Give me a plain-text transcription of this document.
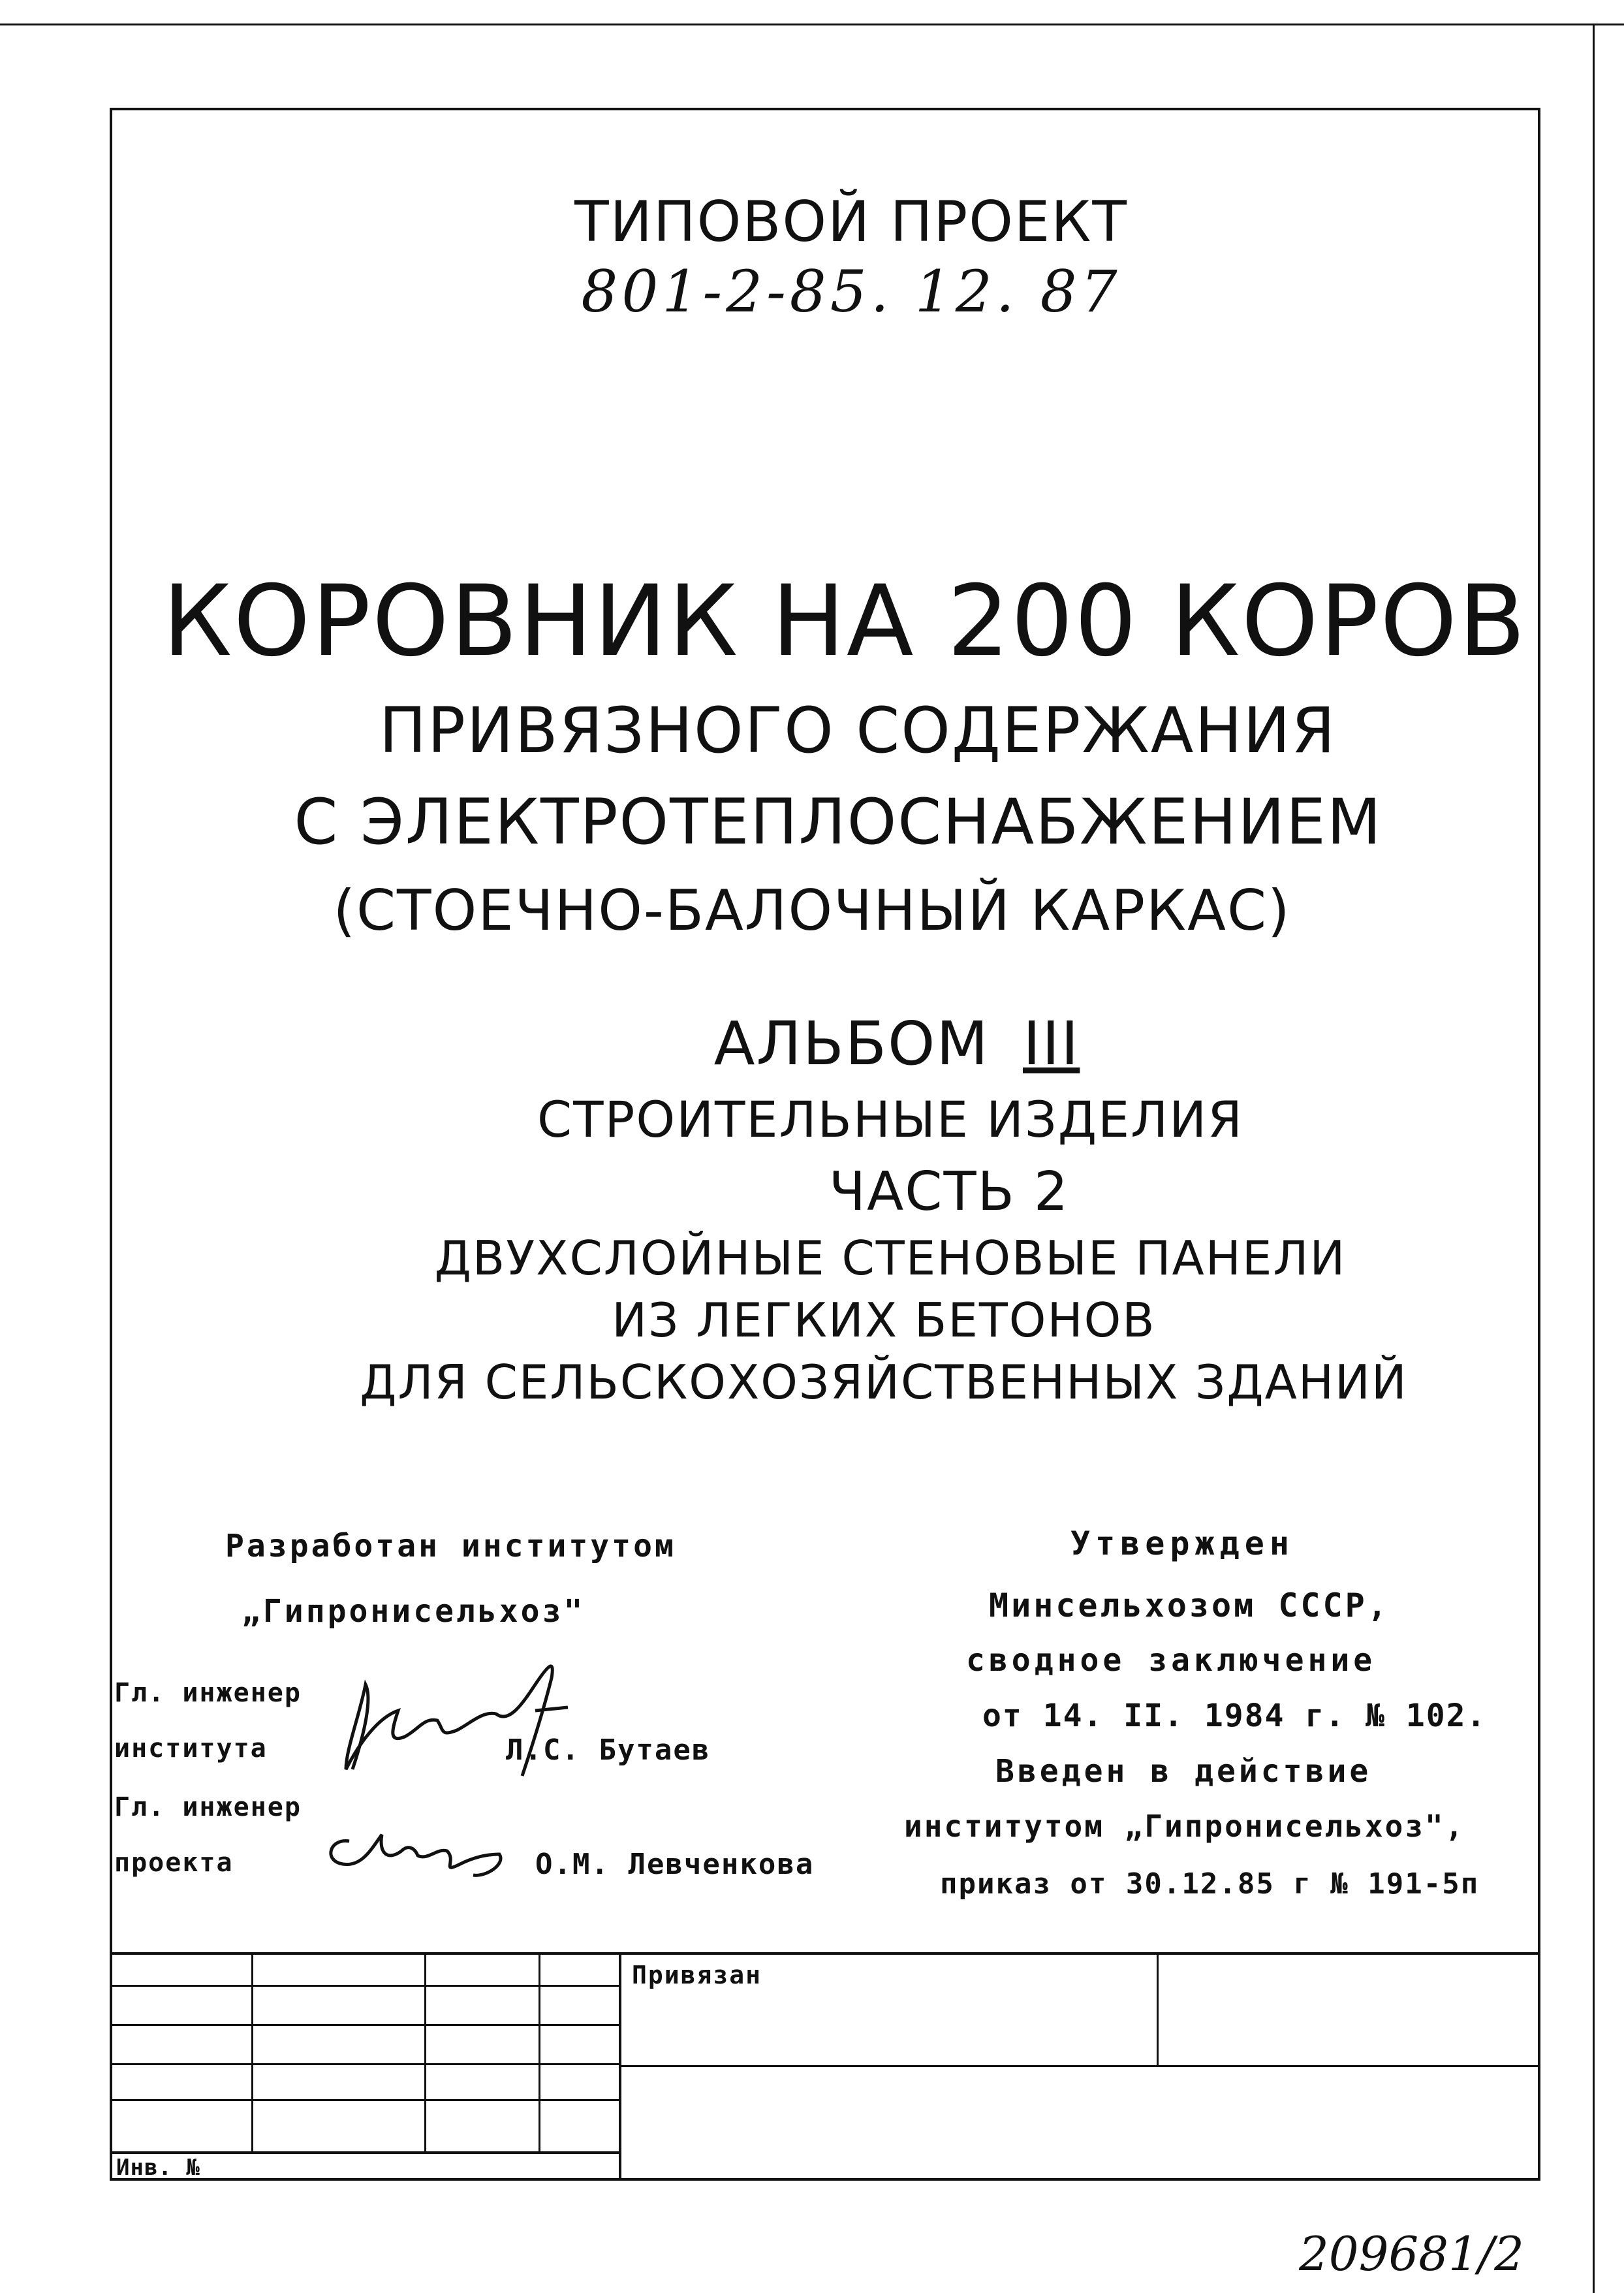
ТИПОВОЙ ПРОЕКТ
801-2-85. 12. 87
КОРОВНИК НА 200 КОРОВ
ПРИВЯЗНОГО СОДЕРЖАНИЯ
С ЭЛЕКТРОТЕПЛОСНАБЖЕНИЕМ
(СТОЕЧНО-БАЛОЧНЫЙ КАРКАС)
АЛЬБОМ III
СТРОИТЕЛЬНЫЕ ИЗДЕЛИЯ
ЧАСТЬ 2
ДВУХСЛОЙНЫЕ СТЕНОВЫЕ ПАНЕЛИ
ИЗ ЛЕГКИХ БЕТОНОВ
ДЛЯ СЕЛЬСКОХОЗЯЙСТВЕННЫХ ЗДАНИЙ
Разработан институтом
„Гипронисельхоз"
Гл. инженер
института	Л.С. Бутаев
Гл. инженер
проекта	О.М. Левченкова
Утвержден
Минсельхозом СССР,
сводное заключение
от 14. II. 1984 г. № 102.
Введен в действие
институтом „Гипронисельхоз",
приказ от 30.12.85 г № 191-5п
Привязан
Инв. №
209681/2
